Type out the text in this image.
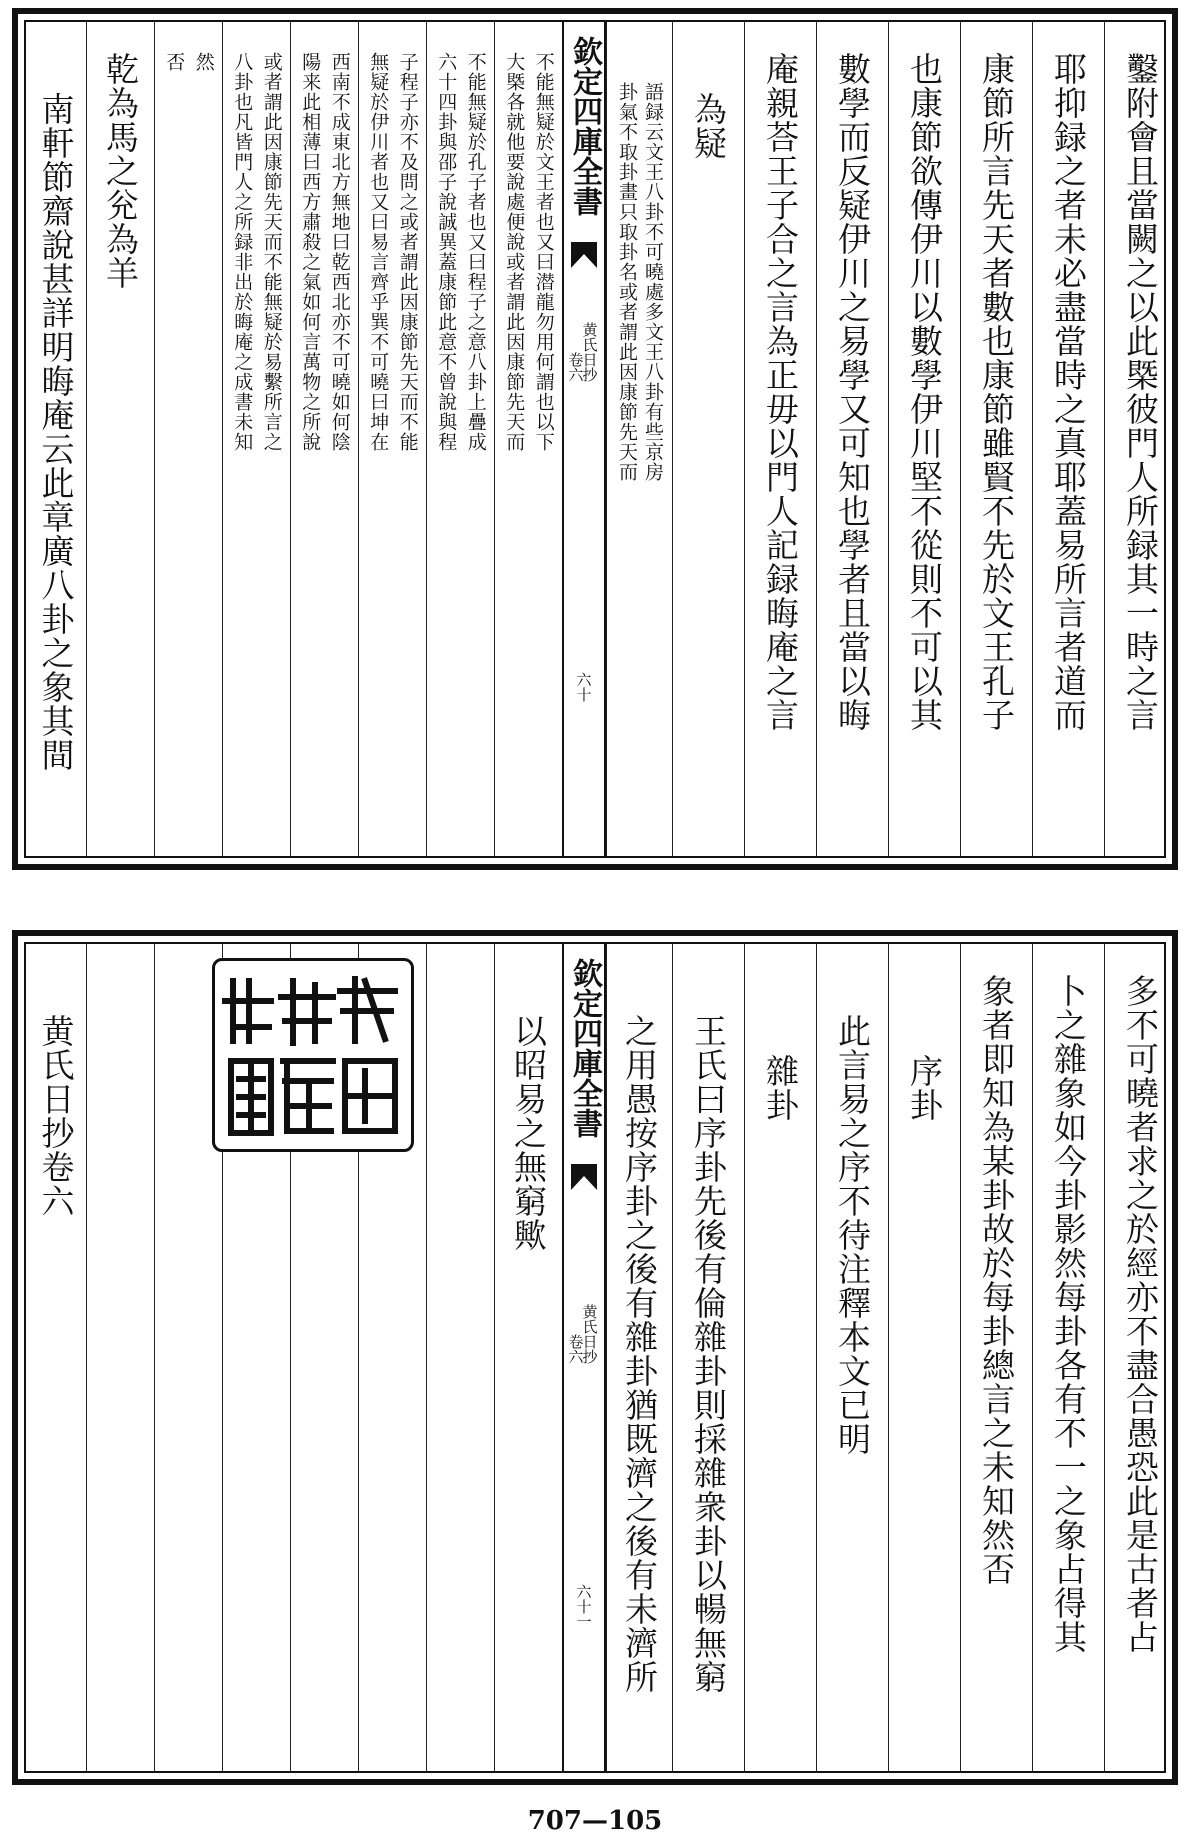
鑿附會且當闕之以此槩彼門人所録其一時之言
耶抑録之者未必盡當時之真耶蓋易所言者道而
康節所言先天者數也康節雖賢不先於文王孔子
也康節欲傳伊川以數學伊川堅不從則不可以其
數學而反疑伊川之易學又可知也學者且當以晦
庵親荅王子合之言為正毋以門人記録晦庵之言
為疑
語録云文王八卦不可曉處多文王八卦有些京房
卦氣不取卦畫只取卦名或者謂此因康節先天而
欽定四庫全書
黄氏日抄
卷六
六十
不能無疑於文王者也又曰潜龍勿用何謂也以下
大槩各就他要說處便說或者謂此因康節先天而
不能無疑於孔子者也又曰程子之意八卦上疊成
六十四卦與邵子說誠異蓋康節此意不曾說與程
子程子亦不及問之或者謂此因康節先天而不能
無疑於伊川者也又曰易言齊乎巽不可曉曰坤在
西南不成東北方無地曰乾西北亦不可曉如何陰
陽来此相薄曰西方肅殺之氣如何言萬物之所說
或者謂此因康節先天而不能無疑於易繫所言之
八卦也凡皆門人之所録非出於晦庵之成書未知
然
否
乾為馬之兊為羊
南軒節齋說甚詳明晦庵云此章廣八卦之象其間
多不可曉者求之於經亦不盡合愚恐此是古者占
卜之雜象如今卦影然每卦各有不一之象占得其
象者即知為某卦故於每卦總言之未知然否
序卦
此言易之序不待注釋本文已明
雜卦
王氏曰序卦先後有倫雜卦則採雜衆卦以暢無窮
之用愚按序卦之後有雜卦猶既濟之後有未濟所
欽定四庫全書
黄氏日抄
卷六
六十一
以昭易之無窮歟
黄氏日抄卷六
707—105
